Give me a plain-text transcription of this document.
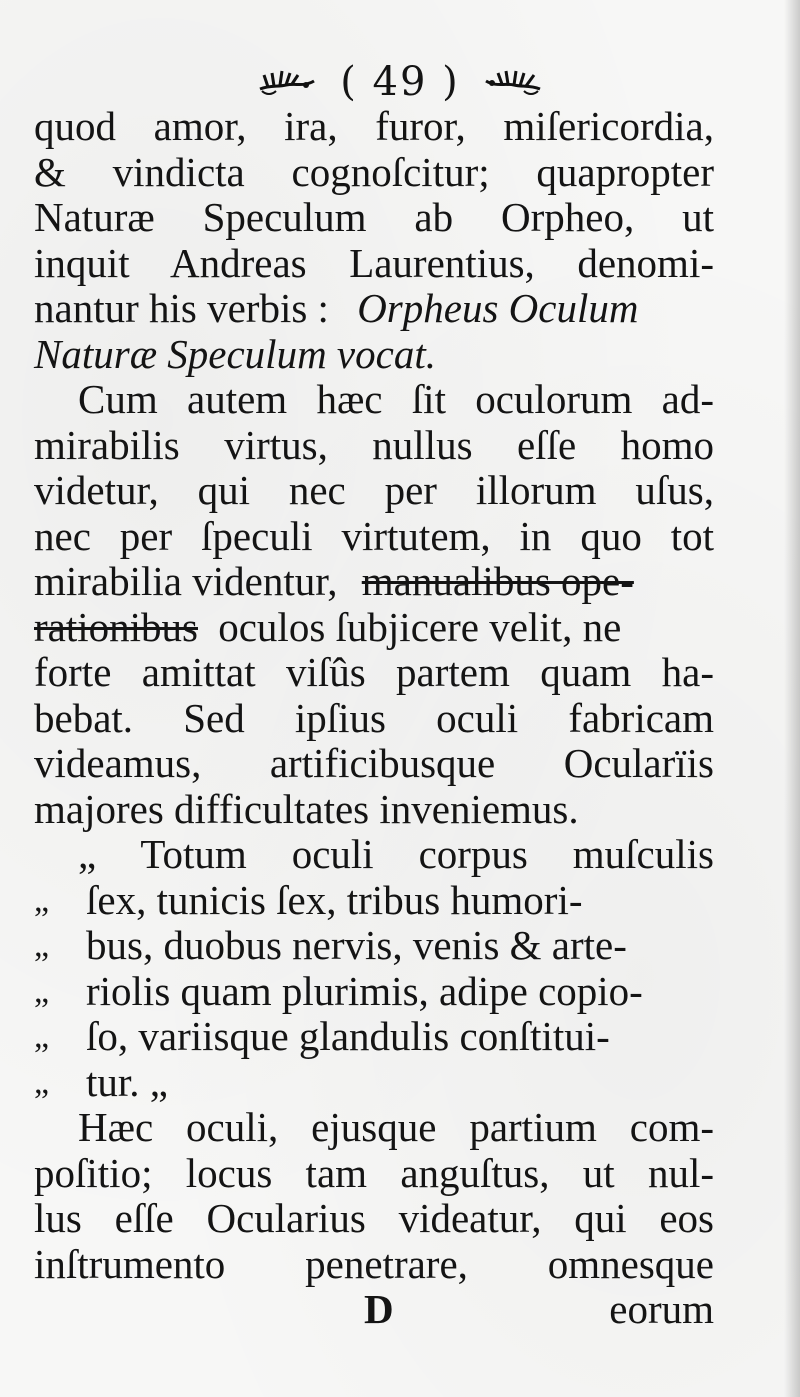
( 49 )
quod amor, ira, furor, miſericordia,
& vindicta cognoſcitur; quapropter
Naturæ Speculum ab Orpheo, ut
inquit Andreas Laurentius, denomi-
nantur his verbis : Orpheus Oculum
Naturæ Speculum vocat.
Cum autem hæc ſit oculorum ad-
mirabilis virtus, nullus eſſe homo
videtur, qui nec per illorum uſus,
nec per ſpeculi virtutem, in quo tot
mirabilia videntur, manualibus ope-
rationibus oculos ſubjicere velit, ne
forte amittat viſûs partem quam ha-
bebat. Sed ipſius oculi fabricam
videamus, artificibusque Ocularïis
majores difficultates inveniemus.
„ Totum oculi corpus muſculis
„ ſex, tunicis ſex, tribus humori-
„ bus, duobus nervis, venis & arte-
„ riolis quam plurimis, adipe copio-
„ ſo, variisque glandulis conſtitui-
„ tur. „
Hæc oculi, ejusque partium com-
poſitio; locus tam anguſtus, ut nul-
lus eſſe Ocularius videatur, qui eos
inſtrumento penetrare, omnesque
D	eorum
